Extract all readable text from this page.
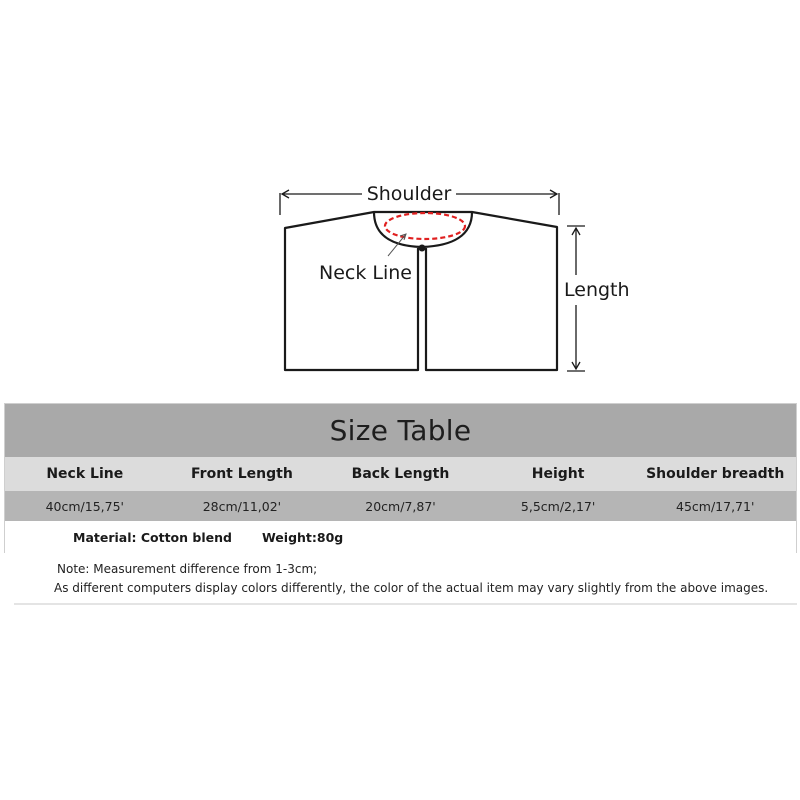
Shoulder
Neck Line
Length
Size Table
Neck Line	Front Length	Back Length	Height	Shoulder breadth
40cm/15,75'	28cm/11,02'	20cm/7,87'	5,5cm/2,17'	45cm/17,71'
Material: Cotton blend Weight:80g
Note: Measurement difference from 1-3cm;
As different computers display colors differently, the color of the actual item may vary slightly from the above images.
